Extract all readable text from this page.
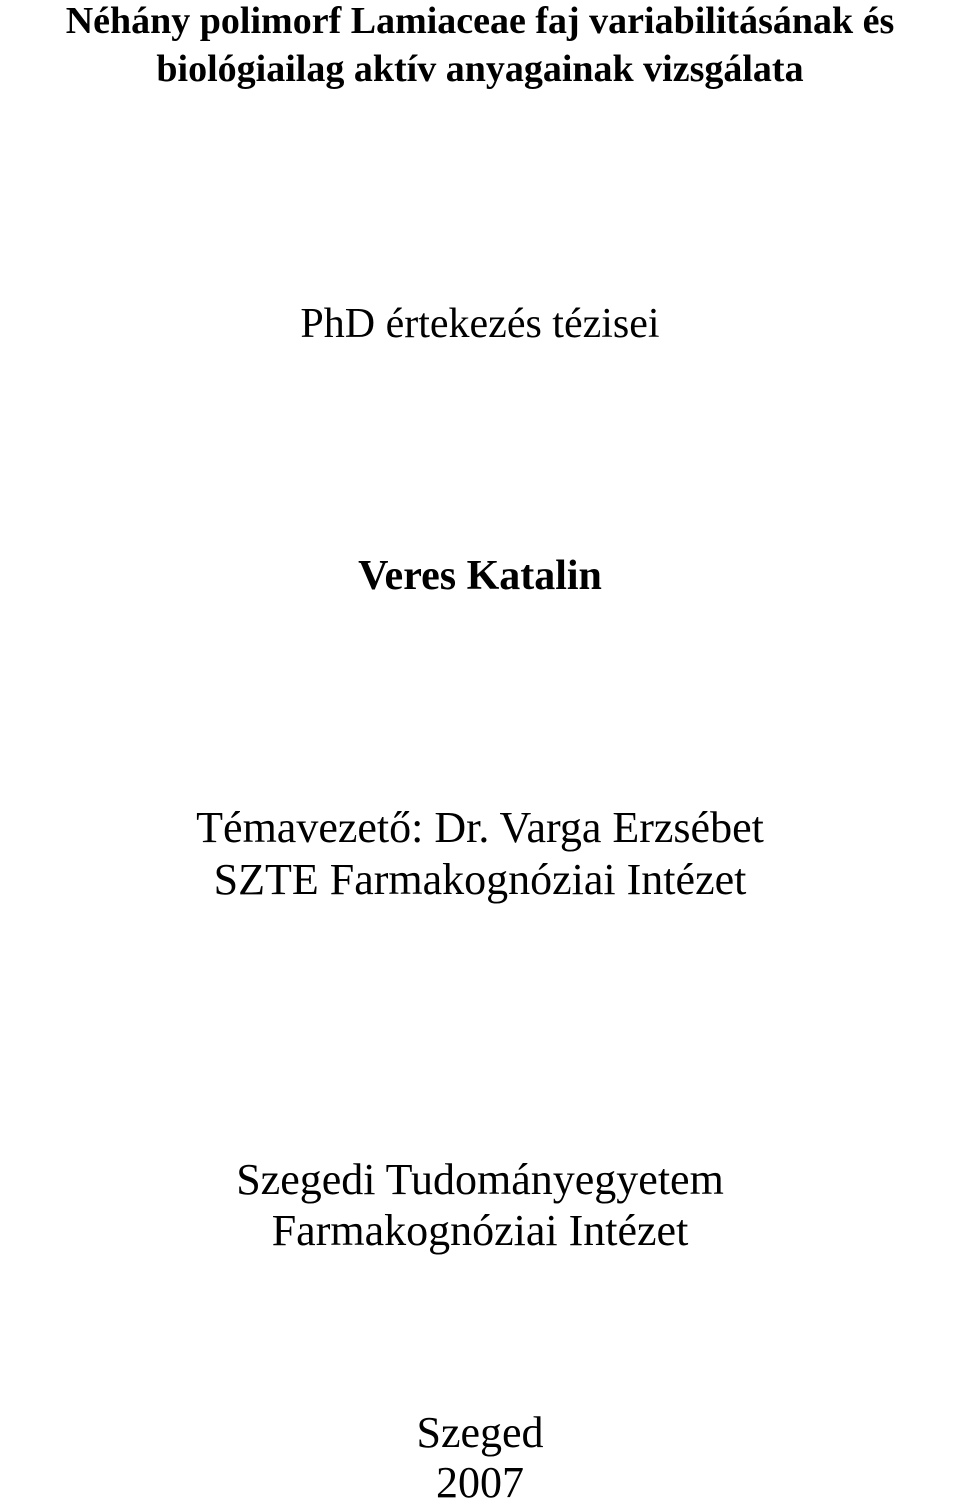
Néhány polimorf Lamiaceae faj variabilitásának és
biológiailag aktív anyagainak vizsgálata
PhD értekezés tézisei
Veres Katalin
Témavezető: Dr. Varga Erzsébet
SZTE Farmakognóziai Intézet
Szegedi Tudományegyetem
Farmakognóziai Intézet
Szeged
2007
